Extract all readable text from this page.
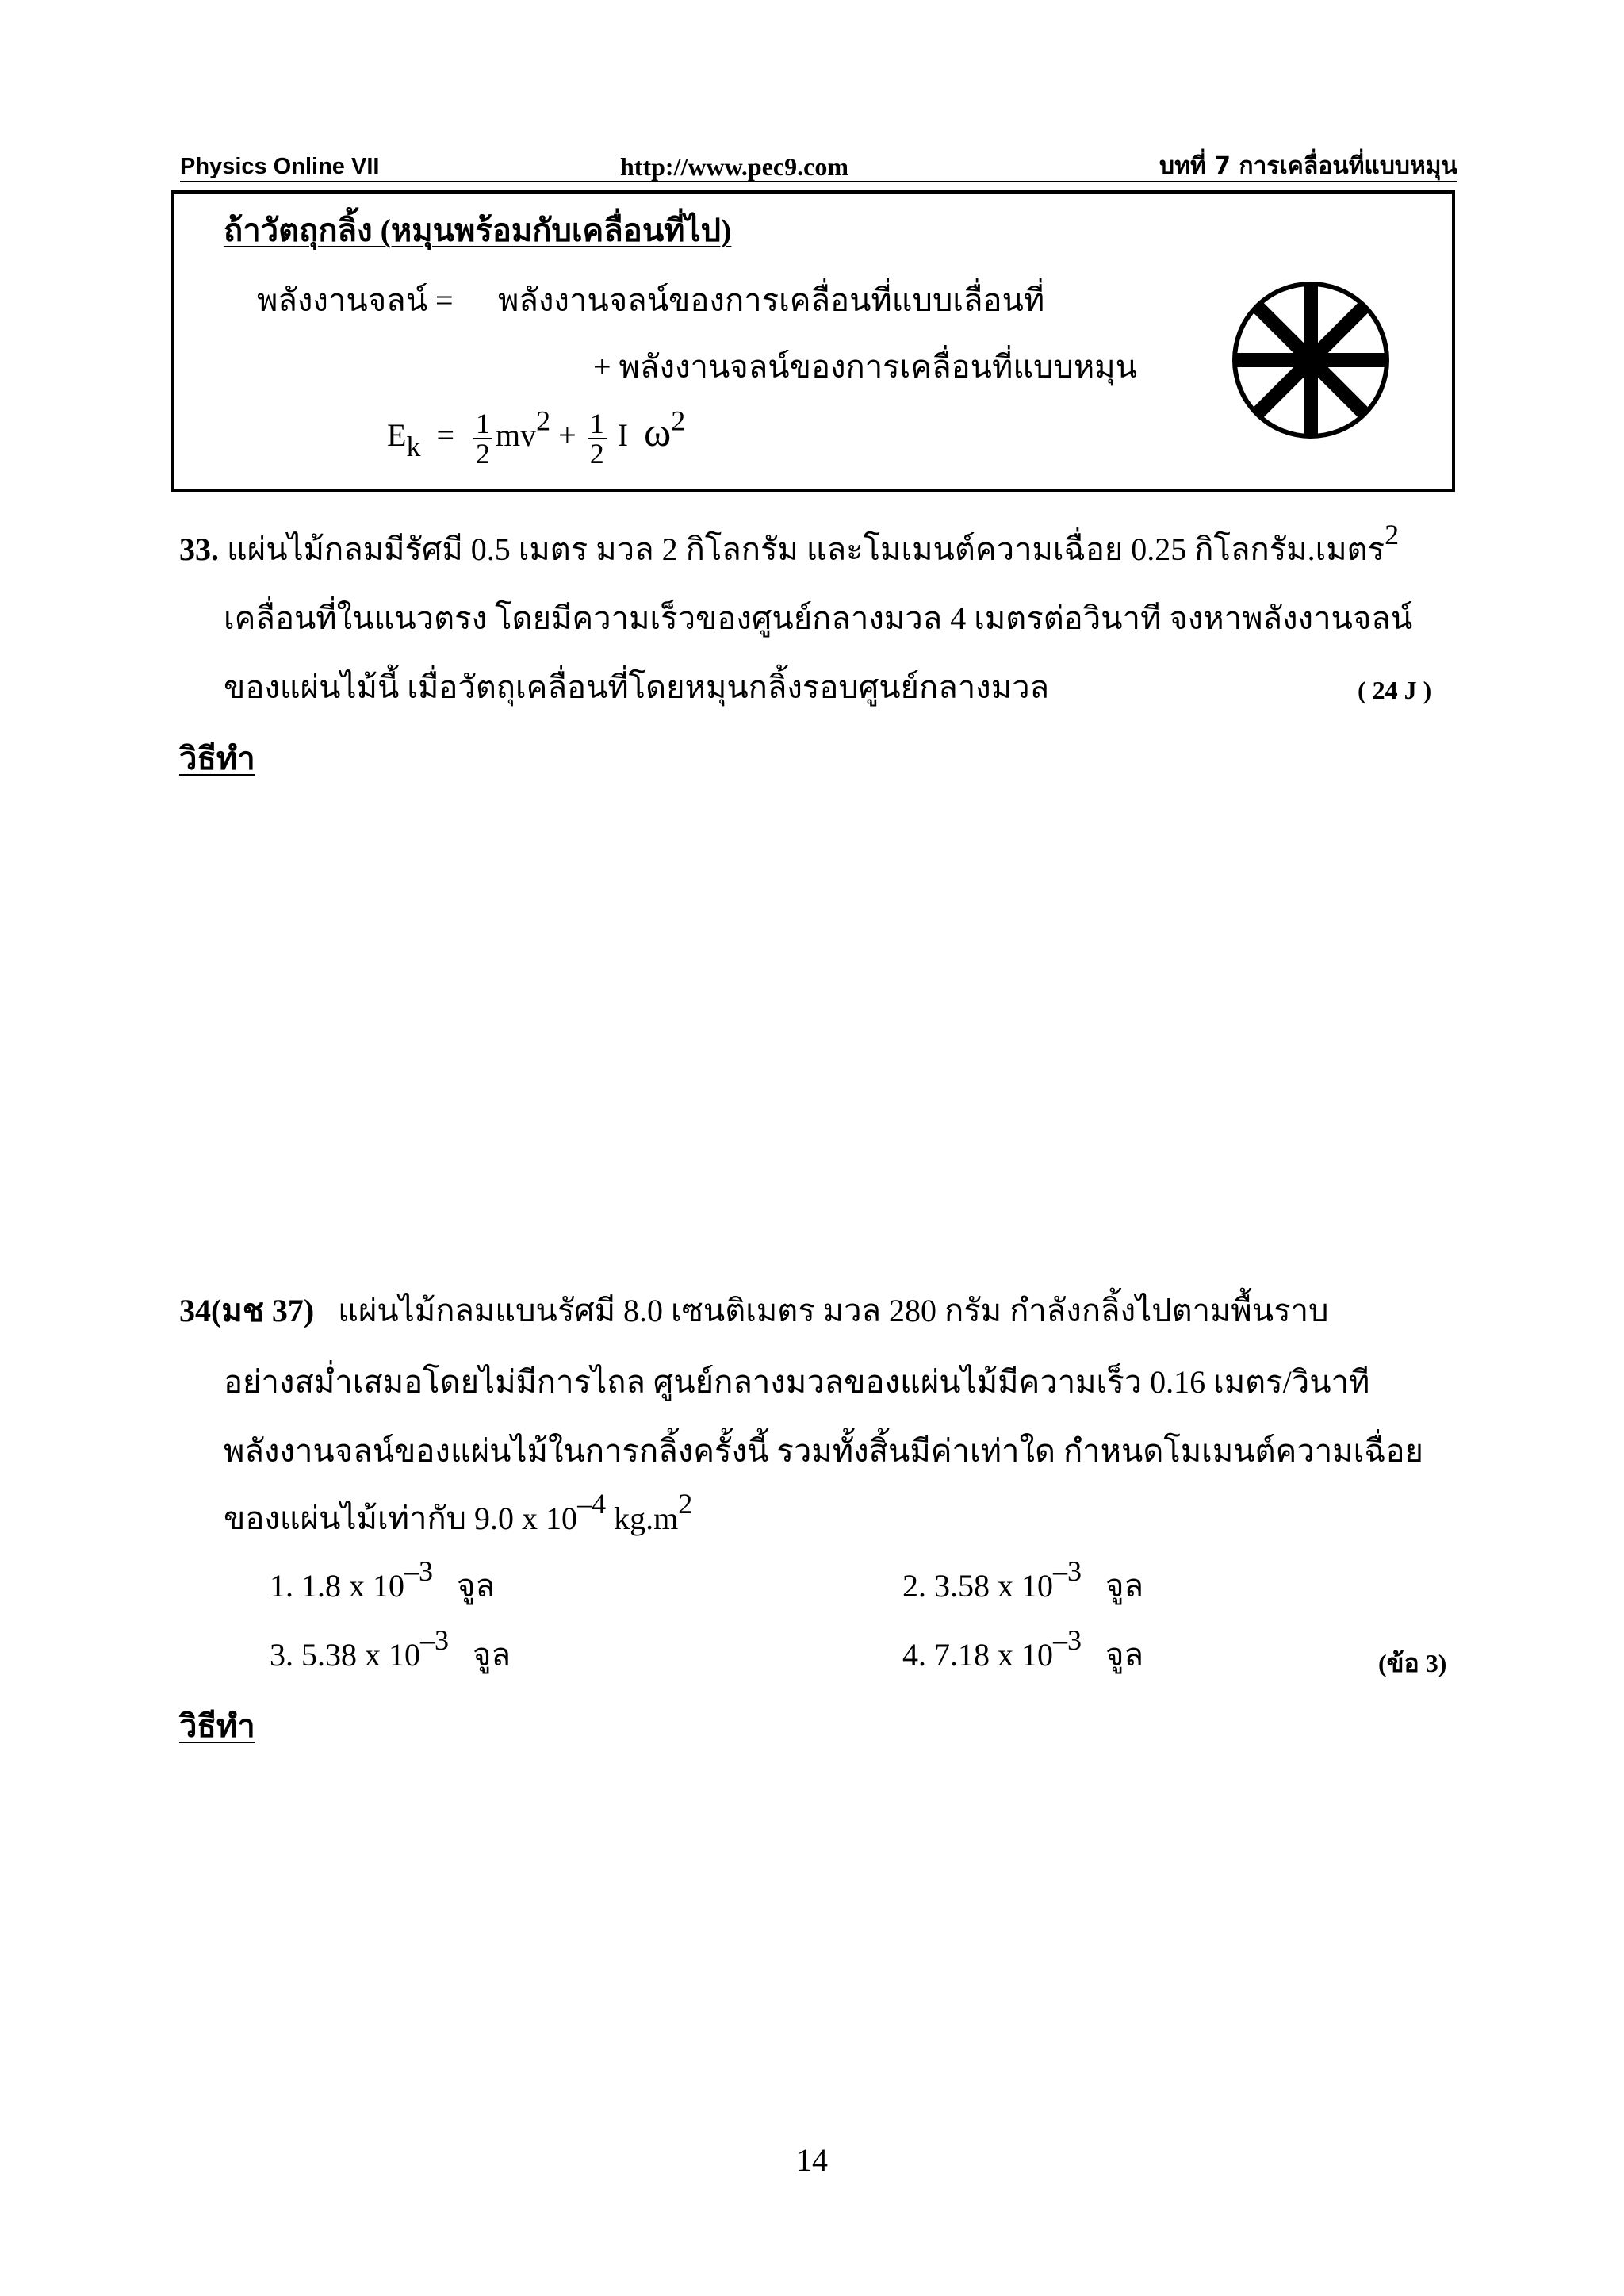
Physics Online VII	http://www.pec9.com	บทที่ 7 การเคลื่อนที่แบบหมุน
ถ้าวัตถุกลิ้ง (หมุนพร้อมกับเคลื่อนที่ไป)
พลังงานจลน์ = พลังงานจลน์ของการเคลื่อนที่แบบเลื่อนที่
+ พลังงานจลน์ของการเคลื่อนที่แบบหมุน
$E_k = \frac{1}{2} mv^2 + \frac{1}{2}$ I $\omega^2$
33. แผ่นไม้กลมมีรัศมี 0.5 เมตร มวล 2 กิโลกรัม และโมเมนต์ความเฉื่อย 0.25 กิโลกรัม.เมตร$^2$
เคลื่อนที่ในแนวตรง โดยมีความเร็วของศูนย์กลางมวล 4 เมตรต่อวินาที จงหาพลังงานจลน์
ของแผ่นไม้นี้ เมื่อวัตถุเคลื่อนที่โดยหมุนกลิ้งรอบศูนย์กลางมวล	( 24 J )
วิธีทำ
34(มช 37) แผ่นไม้กลมแบนรัศมี 8.0 เซนติเมตร มวล 280 กรัม กำลังกลิ้งไปตามพื้นราบ
อย่างสม่ำเสมอโดยไม่มีการไถล ศูนย์กลางมวลของแผ่นไม้มีความเร็ว 0.16 เมตร/วินาที
พลังงานจลน์ของแผ่นไม้ในการกลิ้งครั้งนี้ รวมทั้งสิ้นมีค่าเท่าใด กำหนดโมเมนต์ความเฉื่อย
ของแผ่นไม้เท่ากับ 9.0 x $10^{-4}$ $kg.m^2$
1. 1.8 x $10^{-3}$ จูล	2. 3.58 x $10^{-3}$ จูล
3. 5.38 x $10^{-3}$ จูล	4. 7.18 x $10^{-3}$ จูล	(ข้อ 3)
วิธีทำ
14
